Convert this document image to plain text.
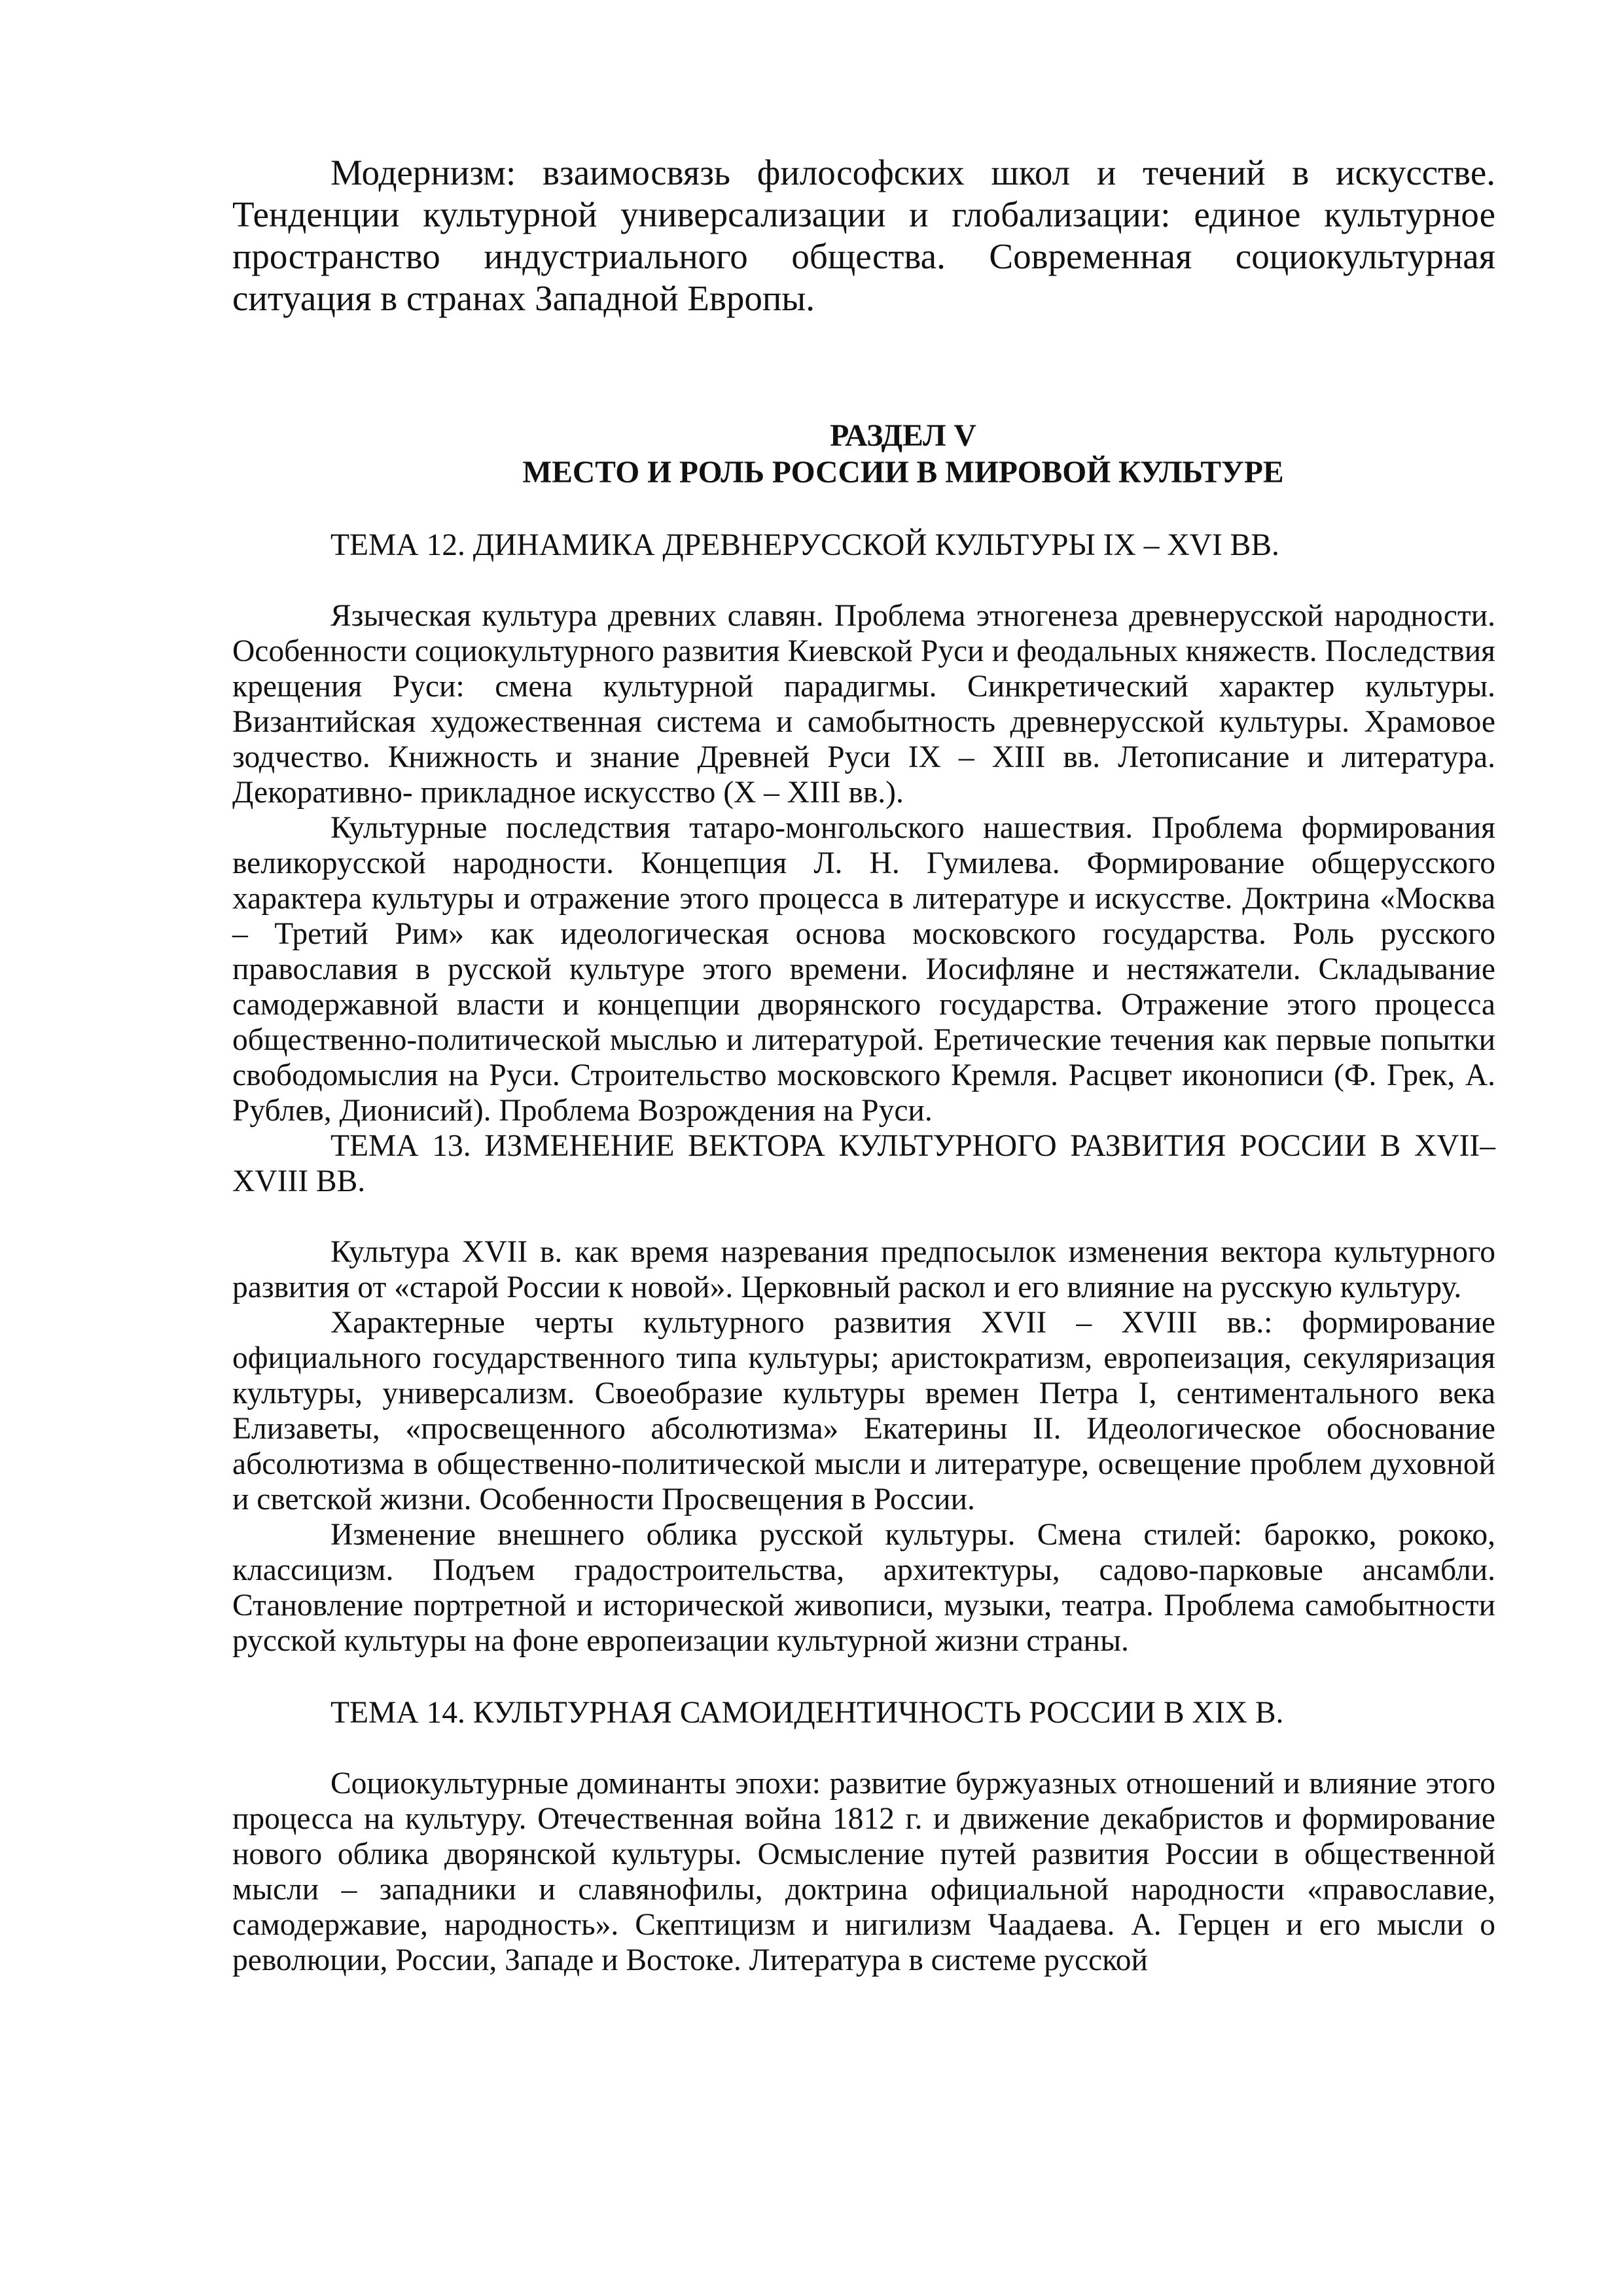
Модернизм: взаимосвязь философских школ и течений в искусстве. Тенденции культурной универсализации и глобализации: единое культурное пространство индустриального общества. Современная социокультурная ситуация в странах Западной Европы.

РАЗДЕЛ V
МЕСТО И РОЛЬ РОССИИ В МИРОВОЙ КУЛЬТУРЕ

ТЕМА 12. ДИНАМИКА ДРЕВНЕРУССКОЙ КУЛЬТУРЫ IX – XVI ВВ.

Языческая культура древних славян. Проблема этногенеза древнерусской народности. Особенности социокультурного развития Киевской Руси и феодальных княжеств. Последствия крещения Руси: смена культурной парадигмы. Синкретический характер культуры. Византийская художественная система и самобытность древнерусской культуры. Храмовое зодчество. Книжность и знание Древней Руси IX – XIII вв. Летописание и литература. Декоративно- прикладное искусство (X – XIII вв.).

Культурные последствия татаро-монгольского нашествия. Проблема формирования великорусской народности. Концепция Л. Н. Гумилева. Формирование общерусского характера культуры и отражение этого процесса в литературе и искусстве. Доктрина «Москва – Третий Рим» как идеологическая основа московского государства. Роль русского православия в русской культуре этого времени. Иосифляне и нестяжатели. Складывание самодержавной власти и концепции дворянского государства. Отражение этого процесса общественно-политической мыслью и литературой. Еретические течения как первые попытки свободомыслия на Руси. Строительство московского Кремля. Расцвет иконописи (Ф. Грек, А. Рублев, Дионисий). Проблема Возрождения на Руси.

ТЕМА 13. ИЗМЕНЕНИЕ ВЕКТОРА КУЛЬТУРНОГО РАЗВИТИЯ РОССИИ В XVII–XVIII ВВ.

Культура XVII в. как время назревания предпосылок изменения вектора культурного развития от «старой России к новой». Церковный раскол и его влияние на русскую культуру.

Характерные черты культурного развития XVII – XVIII вв.: формирование официального государственного типа культуры; аристократизм, европеизация, секуляризация культуры, универсализм. Своеобразие культуры времен Петра I, сентиментального века Елизаветы, «просвещенного абсолютизма» Екатерины II. Идеологическое обоснование абсолютизма в общественно-политической мысли и литературе, освещение проблем духовной и светской жизни. Особенности Просвещения в России.

Изменение внешнего облика русской культуры. Смена стилей: барокко, рококо, классицизм. Подъем градостроительства, архитектуры, садово-парковые ансамбли. Становление портретной и исторической живописи, музыки, театра. Проблема самобытности русской культуры на фоне европеизации культурной жизни страны.

ТЕМА 14. КУЛЬТУРНАЯ САМОИДЕНТИЧНОСТЬ РОССИИ В XIX В.

Социокультурные доминанты эпохи: развитие буржуазных отношений и влияние этого процесса на культуру. Отечественная война 1812 г. и движение декабристов и формирование нового облика дворянской культуры. Осмысление путей развития России в общественной мысли – западники и славянофилы, доктрина официальной народности «православие, самодержавие, народность». Скептицизм и нигилизм Чаадаева. А. Герцен и его мысли о революции, России, Западе и Востоке. Литература в системе русской
